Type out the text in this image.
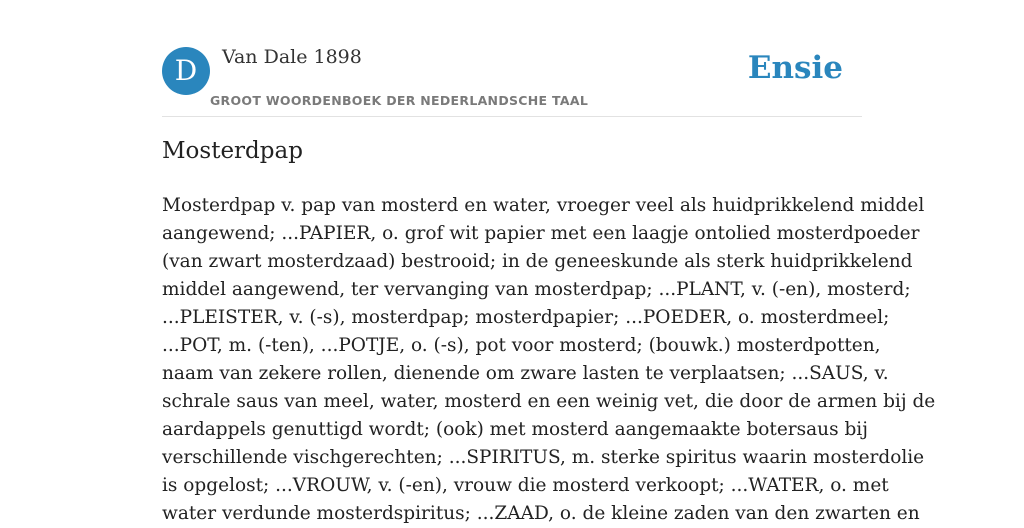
D	Van Dale 1898
GROOT WOORDENBOEK DER NEDERLANDSCHE TAAL
Ensie
Mosterdpap
Mosterdpap v. pap van mosterd en water, vroeger veel als huidprikkelend middel
aangewend; ...PAPIER, o. grof wit papier met een laagje ontolied mosterdpoeder
(van zwart mosterdzaad) bestrooid; in de geneeskunde als sterk huidprikkelend
middel aangewend, ter vervanging van mosterdpap; ...PLANT, v. (-en), mosterd;
...PLEISTER, v. (-s), mosterdpap; mosterdpapier; ...POEDER, o. mosterdmeel;
...POT, m. (-ten), ...POTJE, o. (-s), pot voor mosterd; (bouwk.) mosterdpotten,
naam van zekere rollen, dienende om zware lasten te verplaatsen; ...SAUS, v.
schrale saus van meel, water, mosterd en een weinig vet, die door de armen bij de
aardappels genuttigd wordt; (ook) met mosterd aangemaakte botersaus bij
verschillende vischgerechten; ...SPIRITUS, m. sterke spiritus waarin mosterdolie
is opgelost; ...VROUW, v. (-en), vrouw die mosterd verkoopt; ...WATER, o. met
water verdunde mosterdspiritus; ...ZAAD, o. de kleine zaden van den zwarten en
